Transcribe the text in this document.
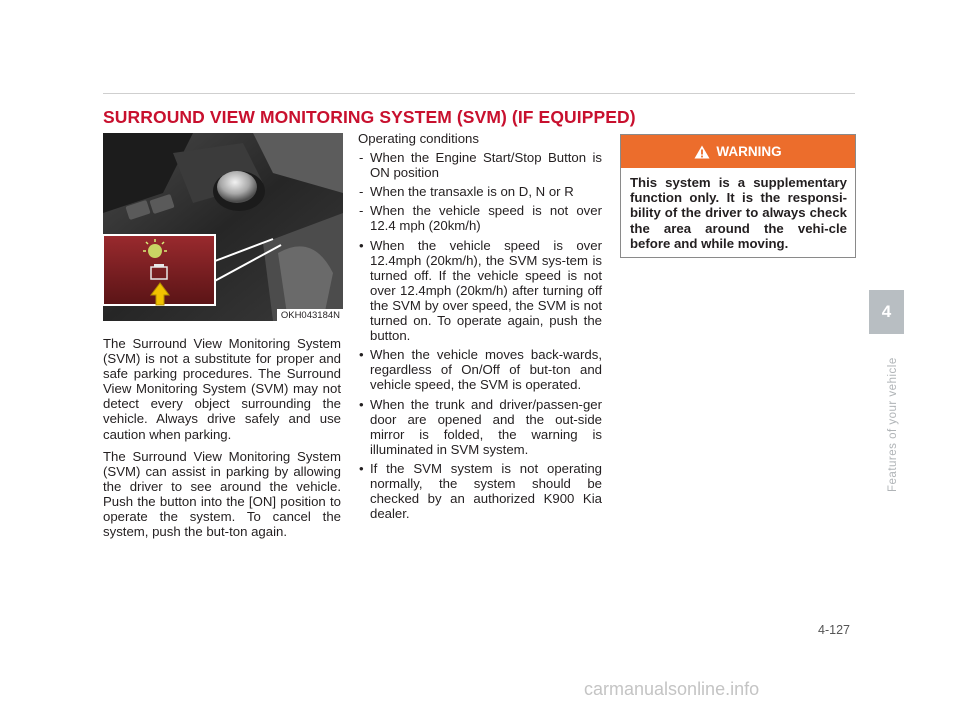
SURROUND VIEW MONITORING SYSTEM (SVM) (IF EQUIPPED)
OKH043184N

The Surround View Monitoring System (SVM) is not a substitute for proper and safe parking procedures. The Surround View Monitoring System (SVM) may not detect every object surrounding the vehicle. Always drive safely and use caution when parking.

The Surround View Monitoring System (SVM) can assist in parking by allowing the driver to see around the vehicle. Push the button into the [ON] position to operate the system. To cancel the system, push the but-ton again.

Operating conditions

- When the Engine Start/Stop Button is ON position
- When the transaxle is on D, N or R
- When the vehicle speed is not over 12.4 mph (20km/h)
• When the vehicle speed is over 12.4mph (20km/h), the SVM sys-tem is turned off. If the vehicle speed is not over 12.4mph (20km/h) after turning off the SVM by over speed, the SVM is not turned on. To operate again, push the button.
• When the vehicle moves back-wards, regardless of On/Off of but-ton and vehicle speed, the SVM is operated.
• When the trunk and driver/passen-ger door are opened and the out-side mirror is folded, the warning is illuminated in SVM system.
• If the SVM system is not operating normally, the system should be checked by an authorized K900 Kia dealer.
WARNING
This system is a supplementary function only. It is the responsi-bility of the driver to always check the area around the vehi-cle before and while moving.
4
Features of your vehicle
4-127
carmanualsonline.info
